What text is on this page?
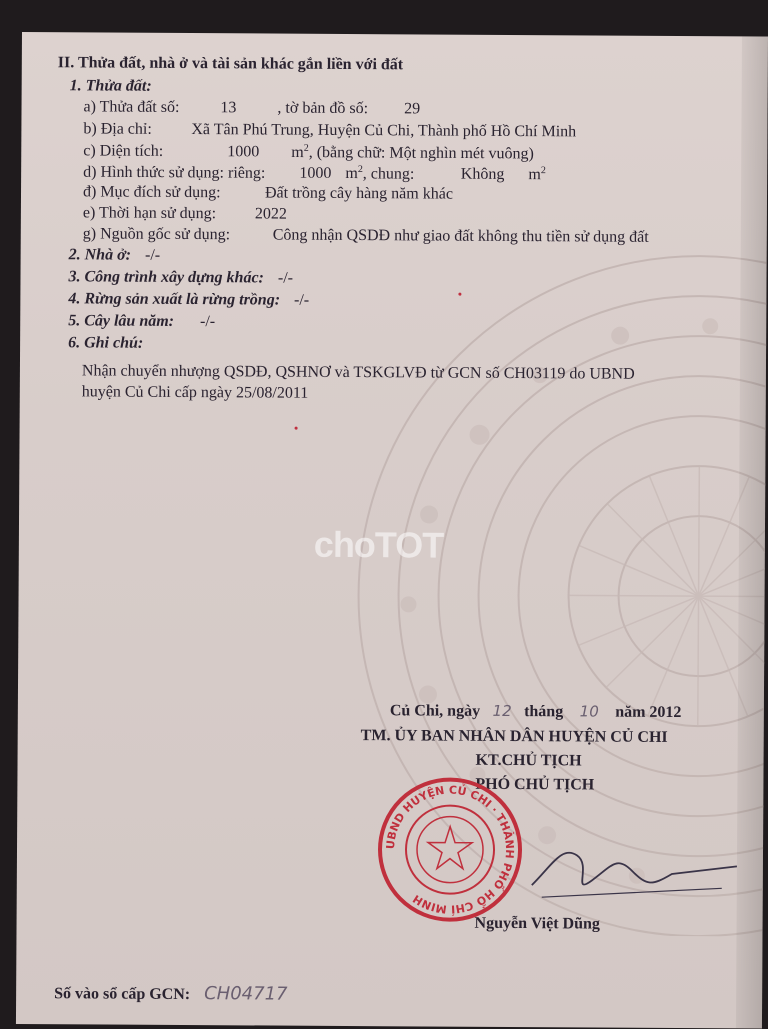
choTOT
II. Thửa đất, nhà ở và tài sản khác gắn liền với đất
1. Thửa đất:
a) Thửa đất số:	13	, tờ bản đồ số: 29
b) Địa chỉ: Xã Tân Phú Trung, Huyện Củ Chi, Thành phố Hồ Chí Minh
c) Diện tích:	1000 $m^2$, (bằng chữ: Một nghìn mét vuông)
d) Hình thức sử dụng: riêng: 1000 $m^2$, chung:	Không $m^2$
đ) Mục đích sử dụng:	Đất trồng cây hàng năm khác
e) Thời hạn sử dụng: 2022
g) Nguồn gốc sử dụng:	Công nhận QSDĐ như giao đất không thu tiền sử dụng đất
2. Nhà ở: -/-
3. Công trình xây dựng khác: -/-
4. Rừng sản xuất là rừng trồng: -/-
5. Cây lâu năm: -/-
6. Ghi chú:
Nhận chuyển nhượng QSDĐ, QSHNƠ và TSKGLVĐ từ GCN số CH03119 do UBND
huyện Củ Chi cấp ngày 25/08/2011
Củ Chi, ngày 12 tháng 10 năm 2012
TM. ỦY BAN NHÂN DÂN HUYỆN CỦ CHI
KT.CHỦ TỊCH
PHÓ CHỦ TỊCH
UBND HUYỆN CỦ CHI · THÀNH PHỐ HỒ CHÍ MINH
Nguyễn Việt Dũng
Số vào sổ cấp GCN: CH04717
